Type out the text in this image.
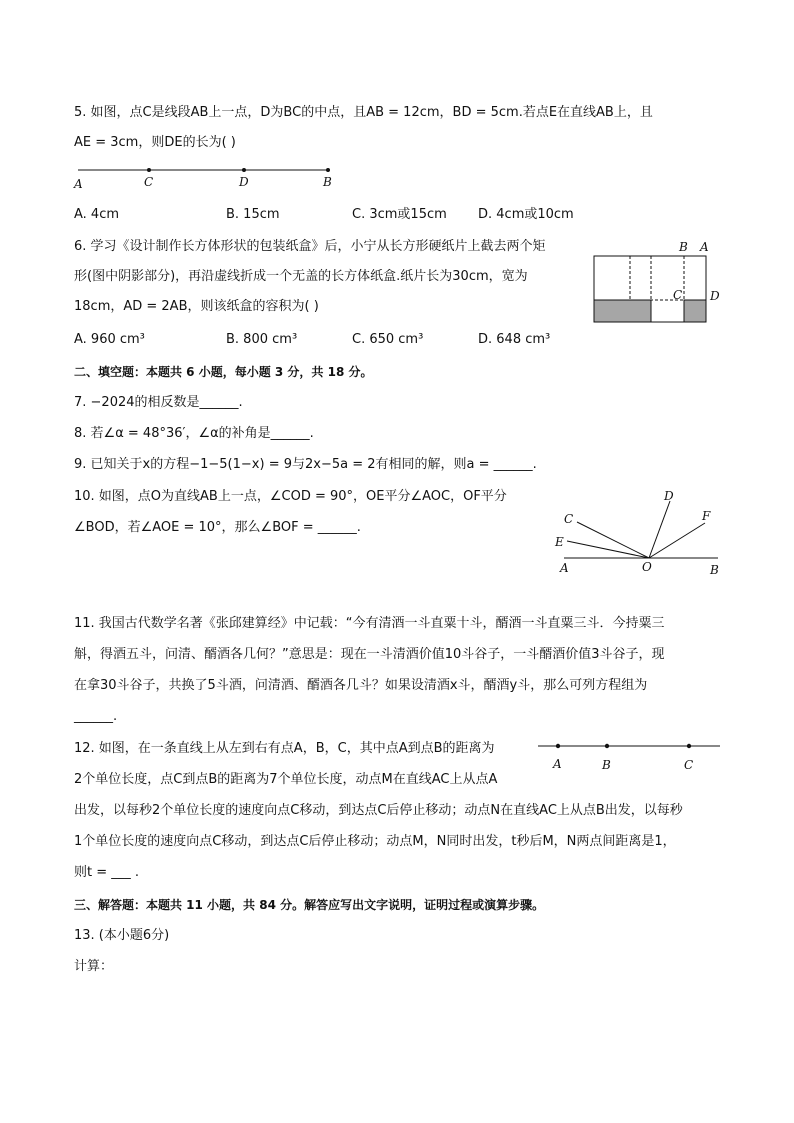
5. 如图，点C是线段AB上一点，D为BC的中点，且AB = 12cm，BD = 5cm.若点E在直线AB上，且
AE = 3cm，则DE的长为( )
A	C	D	B
A. 4cm	B. 15cm	C. 3cm或15cm D. 4cm或10cm
6. 学习《设计制作长方体形状的包装纸盒》后，小宁从长方形硬纸片上截去两个矩
形(图中阴影部分)，再沿虚线折成一个无盖的长方体纸盒.纸片长为30cm，宽为
18cm，AD = 2AB，则该纸盒的容积为( )
B A
C D
A. 960 cm³	B. 800 cm³	C. 650 cm³	D. 648 cm³
二、填空题：本题共 6 小题，每小题 3 分，共 18 分。
7. −2024的相反数是______.
8. 若∠α = 48°36′，∠α的补角是______.
9. 已知关于x的方程−1−5(1−x) = 9与2x−5a = 2有相同的解，则a = ______.
10. 如图，点O为直线AB上一点，∠COD = 90°，OE平分∠AOC，OF平分
∠BOD，若∠AOE = 10°，那么∠BOF = ______.
D
F
C
E
A	O	B
11. 我国古代数学名著《张邱建算经》中记载：“今有清酒一斗直粟十斗，醑酒一斗直粟三斗．今持粟三
斛，得酒五斗，问清、醑酒各几何？”意思是：现在一斗清酒价值10斗谷子，一斗醑酒价值3斗谷子，现
在拿30斗谷子，共换了5斗酒，问清酒、醑酒各几斗？如果设清酒x斗，醑酒y斗，那么可列方程组为
______.
12. 如图，在一条直线上从左到右有点A，B，C，其中点A到点B的距离为
2个单位长度，点C到点B的距离为7个单位长度，动点M在直线AC上从点A
出发，以每秒2个单位长度的速度向点C移动，到达点C后停止移动；动点N在直线AC上从点B出发，以每秒
1个单位长度的速度向点C移动，到达点C后停止移动；动点M，N同时出发，t秒后M，N两点间距离是1，
则t = ___ .
A	B	C
三、解答题：本题共 11 小题，共 84 分。解答应写出文字说明，证明过程或演算步骤。
13. (本小题6分)
计算：
